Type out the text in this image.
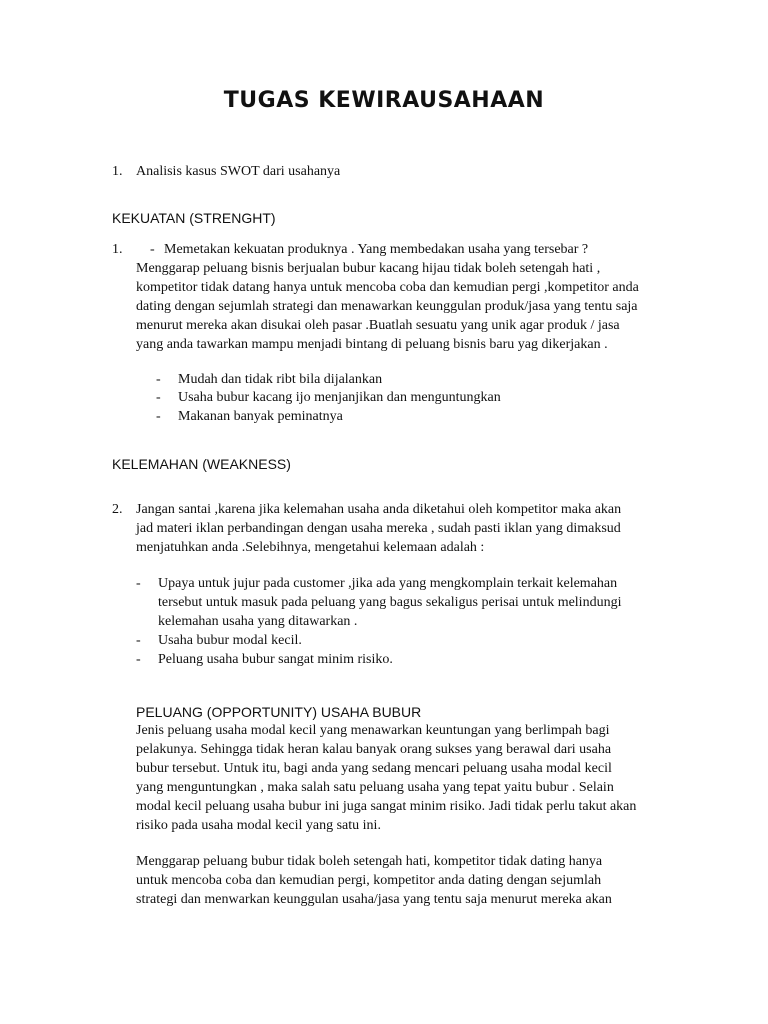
TUGAS KEWIRAUSAHAAN
1. Analisis kasus SWOT dari usahanya
KEKUATAN (STRENGHT)
1. - Memetakan kekuatan produknya . Yang membedakan usaha yang tersebar ?
Menggarap peluang bisnis berjualan bubur kacang hijau tidak boleh setengah hati ,
kompetitor tidak datang hanya untuk mencoba coba dan kemudian pergi ,kompetitor anda
dating dengan sejumlah strategi dan menawarkan keunggulan produk/jasa yang tentu saja
menurut mereka akan disukai oleh pasar .Buatlah sesuatu yang unik agar produk / jasa
yang anda tawarkan mampu menjadi bintang di peluang bisnis baru yag dikerjakan .
- Mudah dan tidak ribt bila dijalankan
- Usaha bubur kacang ijo menjanjikan dan menguntungkan
- Makanan banyak peminatnya
KELEMAHAN (WEAKNESS)
2. Jangan santai ,karena jika kelemahan usaha anda diketahui oleh kompetitor maka akan
jad materi iklan perbandingan dengan usaha mereka , sudah pasti iklan yang dimaksud
menjatuhkan anda .Selebihnya, mengetahui kelemaan adalah :
- Upaya untuk jujur pada customer ,jika ada yang mengkomplain terkait kelemahan
tersebut untuk masuk pada peluang yang bagus sekaligus perisai untuk melindungi
kelemahan usaha yang ditawarkan .
- Usaha bubur modal kecil.
- Peluang usaha bubur sangat minim risiko.
PELUANG (OPPORTUNITY) USAHA BUBUR
Jenis peluang usaha modal kecil yang menawarkan keuntungan yang berlimpah bagi
pelakunya. Sehingga tidak heran kalau banyak orang sukses yang berawal dari usaha
bubur tersebut. Untuk itu, bagi anda yang sedang mencari peluang usaha modal kecil
yang menguntungkan , maka salah satu peluang usaha yang tepat yaitu bubur . Selain
modal kecil peluang usaha bubur ini juga sangat minim risiko. Jadi tidak perlu takut akan
risiko pada usaha modal kecil yang satu ini.
Menggarap peluang bubur tidak boleh setengah hati, kompetitor tidak dating hanya
untuk mencoba coba dan kemudian pergi, kompetitor anda dating dengan sejumlah
strategi dan menwarkan keunggulan usaha/jasa yang tentu saja menurut mereka akan
